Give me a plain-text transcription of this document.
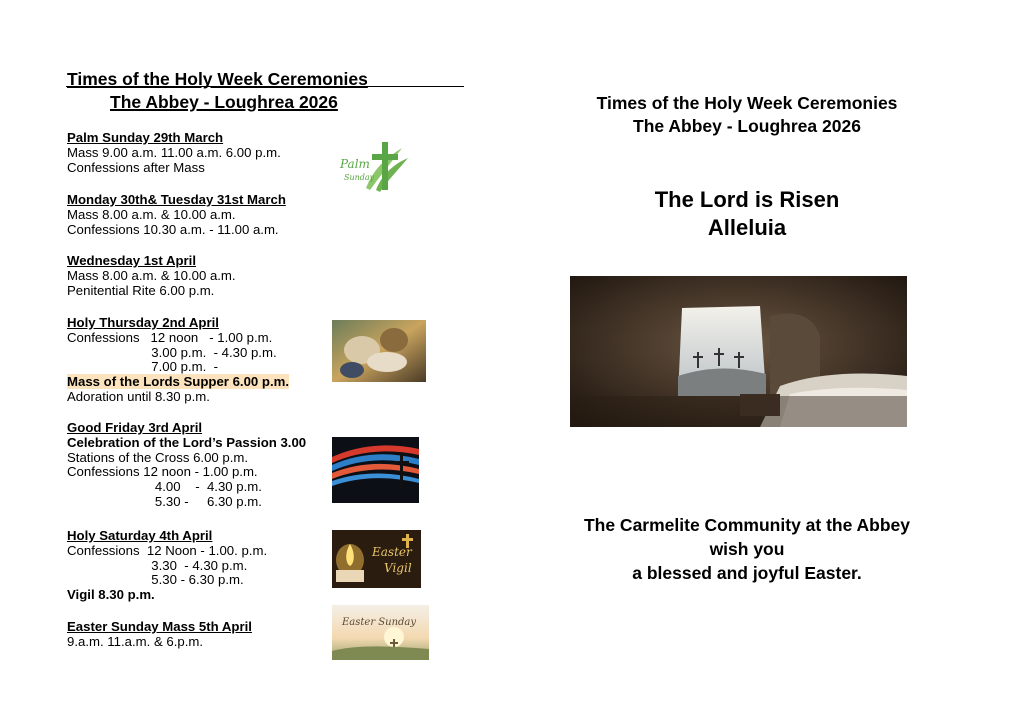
Times of the Holy Week Ceremonies
The Abbey - Loughrea 2026
Palm Sunday 29th March
Mass 9.00 a.m. 11.00 a.m. 6.00 p.m.
Confessions after Mass	Palm
Sunday
Monday 30th& Tuesday 31st March
Mass 8.00 a.m. & 10.00 a.m.
Confessions 10.30 a.m. - 11.00 a.m.
Wednesday 1st April
Mass 8.00 a.m. & 10.00 a.m.
Penitential Rite 6.00 p.m.
Holy Thursday 2nd April
Confessions   12 noon   - 1.00 p.m.
3.00 p.m.  - 4.30 p.m.
7.00 p.m.  -
Mass of the Lords Supper 6.00 p.m.
Adoration until 8.30 p.m.
Good Friday 3rd April
Celebration of the Lord’s Passion 3.00
Stations of the Cross 6.00 p.m.
Confessions 12 noon - 1.00 p.m.
4.00    -  4.30 p.m.
5.30 -     6.30 p.m.
Holy Saturday 4th April
Confessions  12 Noon - 1.00. p.m.
3.30  - 4.30 p.m.
5.30 - 6.30 p.m.
Vigil 8.30 p.m.
Easter
Vigil
Easter Sunday Mass 5th April
9.a.m. 11.a.m. & 6.p.m.
Easter Sunday
Times of the Holy Week Ceremonies
The Abbey - Loughrea 2026
The Lord is Risen
Alleluia
The Carmelite Community at the Abbey
wish you
a blessed and joyful Easter.
